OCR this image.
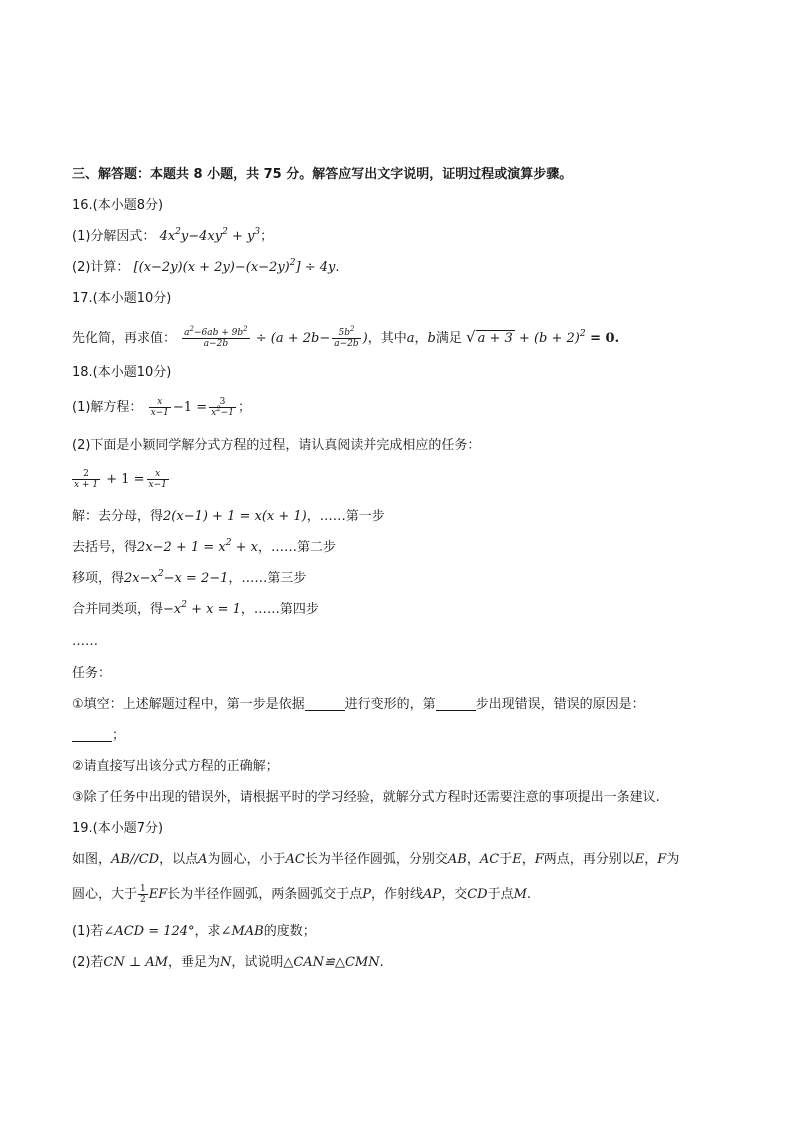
三、解答题：本题共 8 小题，共 75 分。解答应写出文字说明，证明过程或演算步骤。
16.(本小题8分)
(1)分解因式： $4x^2y-4xy^2 + y^3$；
(2)计算： $[(x-2y)(x + 2y)-(x-2y)^2] \div 4y$.
17.(本小题10分)
先化简，再求值： $\frac{a^2-6ab + 9b^2}{a-2b} \div (a + 2b- \frac{5b^2}{a-2b}$ )，其中a，b满足 √ $a + 3 + (b + 2)^2 = 0$.
18.(本小题10分)
(1)解方程： $\frac{x}{x-1} -1 = \frac{3}{x^2-1}$ ；
(2)下面是小颖同学解分式方程的过程，请认真阅读并完成相应的任务：
$\frac{2}{x + 1} + 1 = \frac{x}{x-1}$
解：去分母，得2(x−1) + 1 = x(x + 1)，……第一步
去括号，得$2x-2 + 1 = x^2 + x$，……第二步
移项，得$2x-x^2-x = 2-1$，……第三步
合并同类项，得$-x^2 + x = 1$，……第四步
……
任务：
①填空：上述解题过程中，第一步是依据	进行变形的，第	步出现错误，错误的原因是：
；
②请直接写出该分式方程的正确解；
③除了任务中出现的错误外，请根据平时的学习经验，就解分式方程时还需要注意的事项提出一条建议.
19.(本小题7分)
如图，AB//CD，以点A为圆心，小于AC长为半径作圆弧，分别交AB，AC于E，F两点，再分别以E，F为
圆心，大于 $\frac{1}{2}$ EF长为半径作圆弧，两条圆弧交于点P，作射线AP，交CD于点M.
(1)若∠ACD = 124°，求∠MAB的度数；
(2)若CN ⊥ AM，垂足为N，试说明△CAN≌△CMN.
